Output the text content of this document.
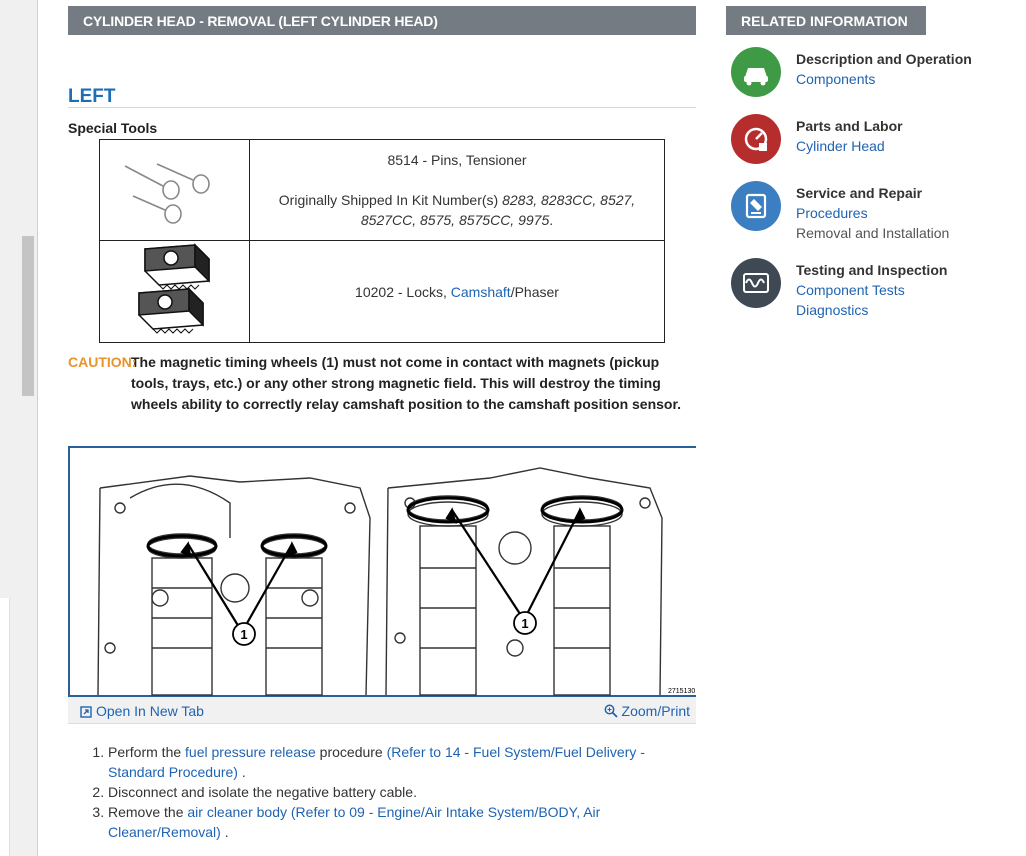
CYLINDER HEAD - REMOVAL (LEFT CYLINDER HEAD)
LEFT
Special Tools

8514 - Pins, Tensioner
Originally Shipped In Kit Number(s) 8283, 8283CC, 8527, 8527CC, 8575, 8575CC, 9975.
	10202 - Locks, Camshaft/Phaser
CAUTION:
The magnetic timing wheels (1) must not come in contact with magnets (pickup tools, trays, etc.) or any other strong magnetic field. This will destroy the timing wheels ability to correctly relay camshaft position to the camshaft position sensor.
1
1
2715130
Open In New Tab	Zoom/Print
1. Perform the fuel pressure release procedure (Refer to 14 - Fuel System/Fuel Delivery - Standard Procedure) .
2. Disconnect and isolate the negative battery cable.
3. Remove the air cleaner body (Refer to 09 - Engine/Air Intake System/BODY, Air Cleaner/Removal) .
RELATED INFORMATION
Description and Operation
Components
Parts and Labor
Cylinder Head
Service and Repair
Procedures
Removal and Installation
Testing and Inspection
Component Tests
Diagnostics
